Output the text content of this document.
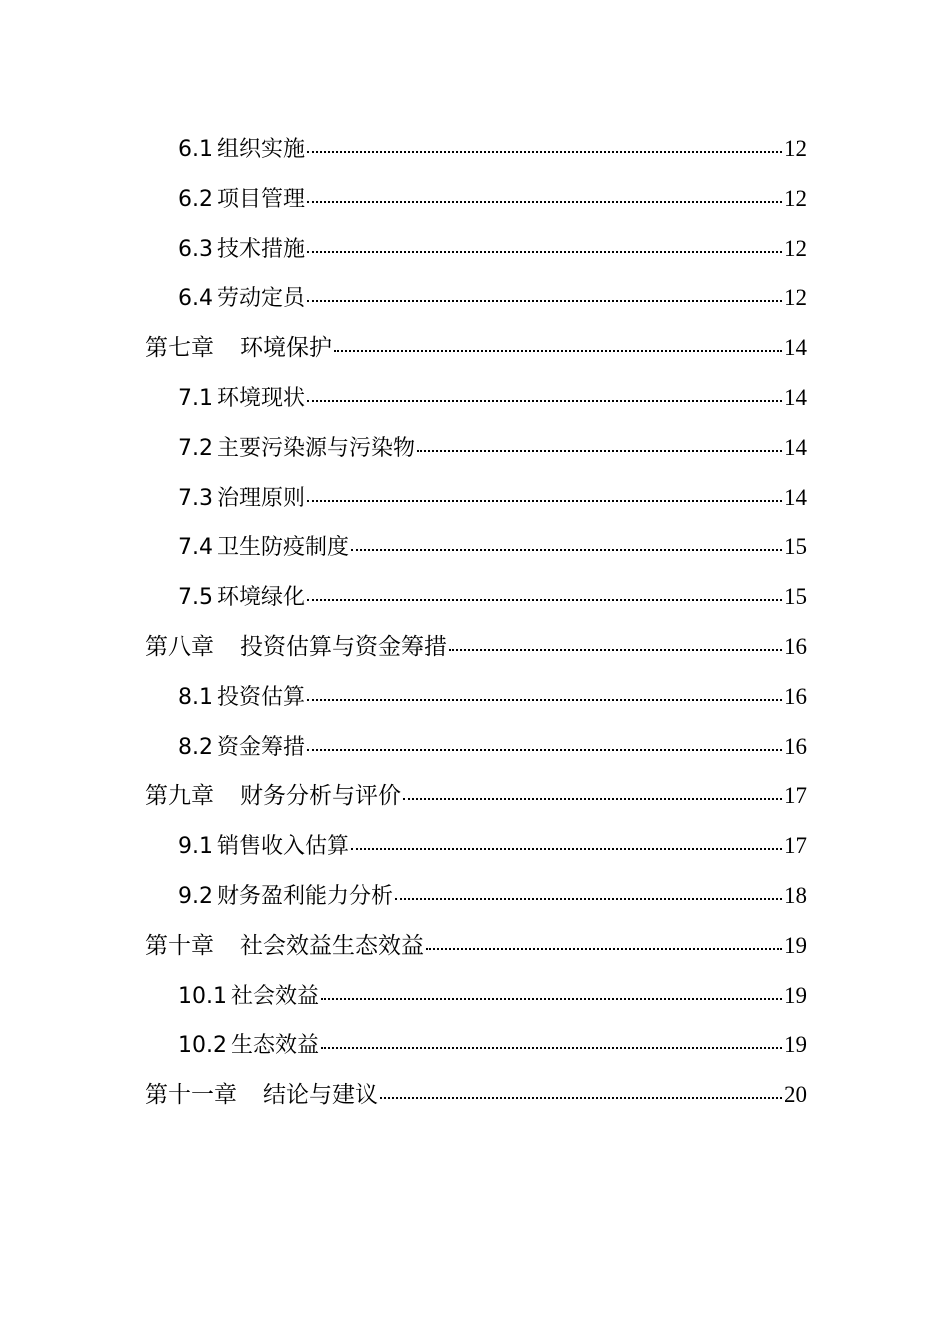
6.1 组织实施	12
6.2 项目管理	12
6.3 技术措施	12
6.4 劳动定员	12
第七章 环境保护	14
7.1 环境现状	14
7.2 主要污染源与污染物	14
7.3 治理原则	14
7.4 卫生防疫制度	15
7.5 环境绿化	15
第八章 投资估算与资金筹措	16
8.1 投资估算	16
8.2 资金筹措	16
第九章 财务分析与评价	17
9.1 销售收入估算	17
9.2 财务盈利能力分析	18
第十章 社会效益生态效益	19
10.1 社会效益	19
10.2 生态效益	19
第十一章 结论与建议	20
